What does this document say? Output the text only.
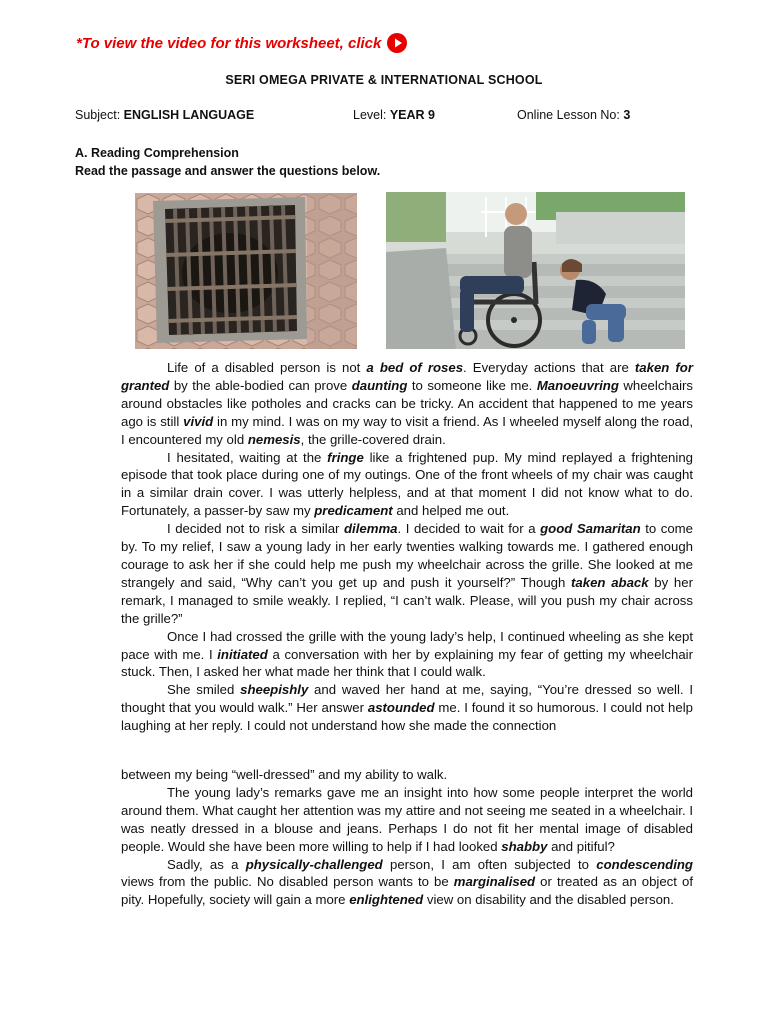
*To view the video for this worksheet, click
SERI OMEGA PRIVATE & INTERNATIONAL SCHOOL
Subject: ENGLISH LANGUAGE	Level: YEAR 9	Online Lesson No: 3
A. Reading Comprehension
Read the passage and answer the questions below.

Life of a disabled person is not a bed of roses. Everyday actions that are taken for granted by the able-bodied can prove daunting to someone like me. Manoeuvring wheelchairs around obstacles like potholes and cracks can be tricky. An accident that happened to me years ago is still vivid in my mind. I was on my way to visit a friend. As I wheeled myself along the road, I encountered my old nemesis, the grille-covered drain.

I hesitated, waiting at the fringe like a frightened pup. My mind replayed a frightening episode that took place during one of my outings. One of the front wheels of my chair was caught in a similar drain cover. I was utterly helpless, and at that moment I did not know what to do. Fortunately, a passer-by saw my predicament and helped me out.

I decided not to risk a similar dilemma. I decided to wait for a good Samaritan to come by. To my relief, I saw a young lady in her early twenties walking towards me. I gathered enough courage to ask her if she could help me push my wheelchair across the grille. She looked at me strangely and said, “Why can’t you get up and push it yourself?” Though taken aback by her remark, I managed to smile weakly. I replied, “I can’t walk. Please, will you push my chair across the grille?”

Once I had crossed the grille with the young lady’s help, I continued wheeling as she kept pace with me. I initiated a conversation with her by explaining my fear of getting my wheelchair stuck. Then, I asked her what made her think that I could walk.

She smiled sheepishly and waved her hand at me, saying, “You’re dressed so well. I thought that you would walk.” Her answer astounded me. I found it so humorous. I could not help laughing at her reply. I could not understand how she made the connection

between my being “well-dressed” and my ability to walk.

The young lady’s remarks gave me an insight into how some people interpret the world around them. What caught her attention was my attire and not seeing me seated in a wheelchair. I was neatly dressed in a blouse and jeans. Perhaps I do not fit her mental image of disabled people. Would she have been more willing to help if I had looked shabby and pitiful?

Sadly, as a physically-challenged person, I am often subjected to condescending views from the public. No disabled person wants to be marginalised or treated as an object of pity. Hopefully, society will gain a more enlightened view on disability and the disabled person.
